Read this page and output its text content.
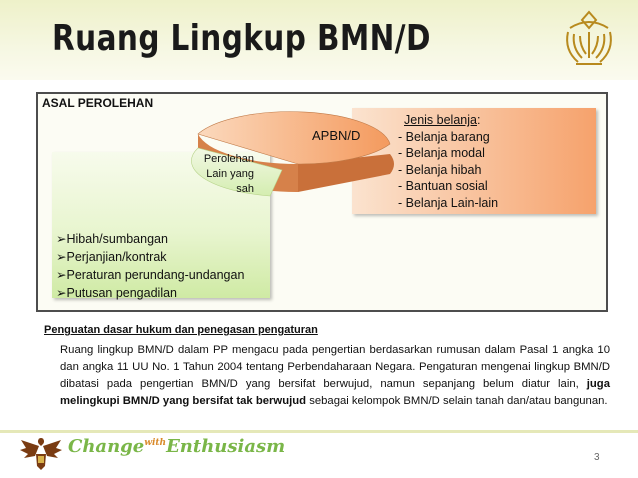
Ruang Lingkup BMN/D
ASAL PEROLEHAN
Jenis belanja:
- Belanja barang
- Belanja modal
- Belanja hibah
- Bantuan sosial
- Belanja Lain-lain
➢Hibah/sumbangan
➢Perjanjian/kontrak
➢Peraturan perundang-undangan
➢Putusan pengadilan
APBN/D
Perolehan
Lain yang
sah
Penguatan dasar hukum dan penegasan pengaturan
Ruang lingkup BMN/D dalam PP mengacu pada pengertian berdasarkan rumusan dalam Pasal 1 angka 10 dan angka 11 UU No. 1 Tahun 2004 tentang Perbendaharaan Negara. Pengaturan mengenai lingkup BMN/D dibatasi pada pengertian BMN/D yang bersifat berwujud, namun sepanjang belum diatur lain, juga melingkupi BMN/D yang bersifat tak berwujud sebagai kelompok BMN/D selain tanah dan/atau bangunan.
Change$^{with}$Enthusiasm
3
